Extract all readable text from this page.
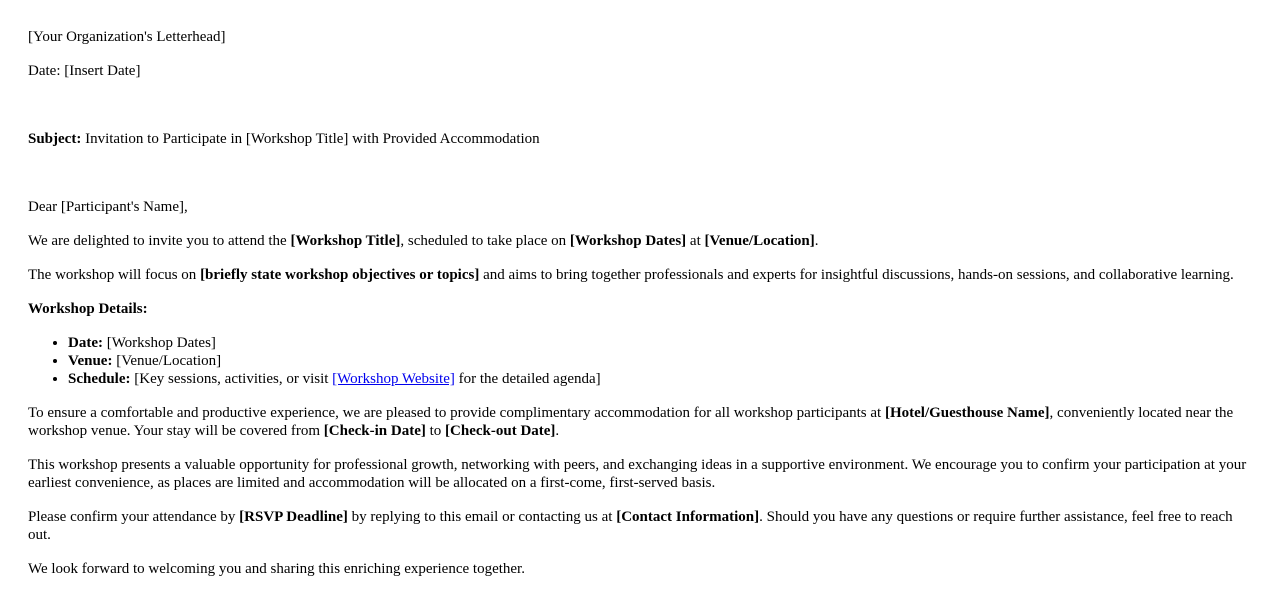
[Your Organization's Letterhead]

Date: [Insert Date]

Subject: Invitation to Participate in [Workshop Title] with Provided Accommodation

Dear [Participant's Name],

We are delighted to invite you to attend the [Workshop Title], scheduled to take place on [Workshop Dates] at [Venue/Location].

The workshop will focus on [briefly state workshop objectives or topics] and aims to bring together professionals and experts for insightful discussions, hands-on sessions, and collaborative learning.

Workshop Details:

• Date: [Workshop Dates]
• Venue: [Venue/Location]
• Schedule: [Key sessions, activities, or visit [Workshop Website] for the detailed agenda]

To ensure a comfortable and productive experience, we are pleased to provide complimentary accommodation for all workshop participants at [Hotel/Guesthouse Name], conveniently located near the workshop venue. Your stay will be covered from [Check-in Date] to [Check-out Date].

This workshop presents a valuable opportunity for professional growth, networking with peers, and exchanging ideas in a supportive environment. We encourage you to confirm your participation at your earliest convenience, as places are limited and accommodation will be allocated on a first-come, first-served basis.

Please confirm your attendance by [RSVP Deadline] by replying to this email or contacting us at [Contact Information]. Should you have any questions or require further assistance, feel free to reach out.

We look forward to welcoming you and sharing this enriching experience together.
